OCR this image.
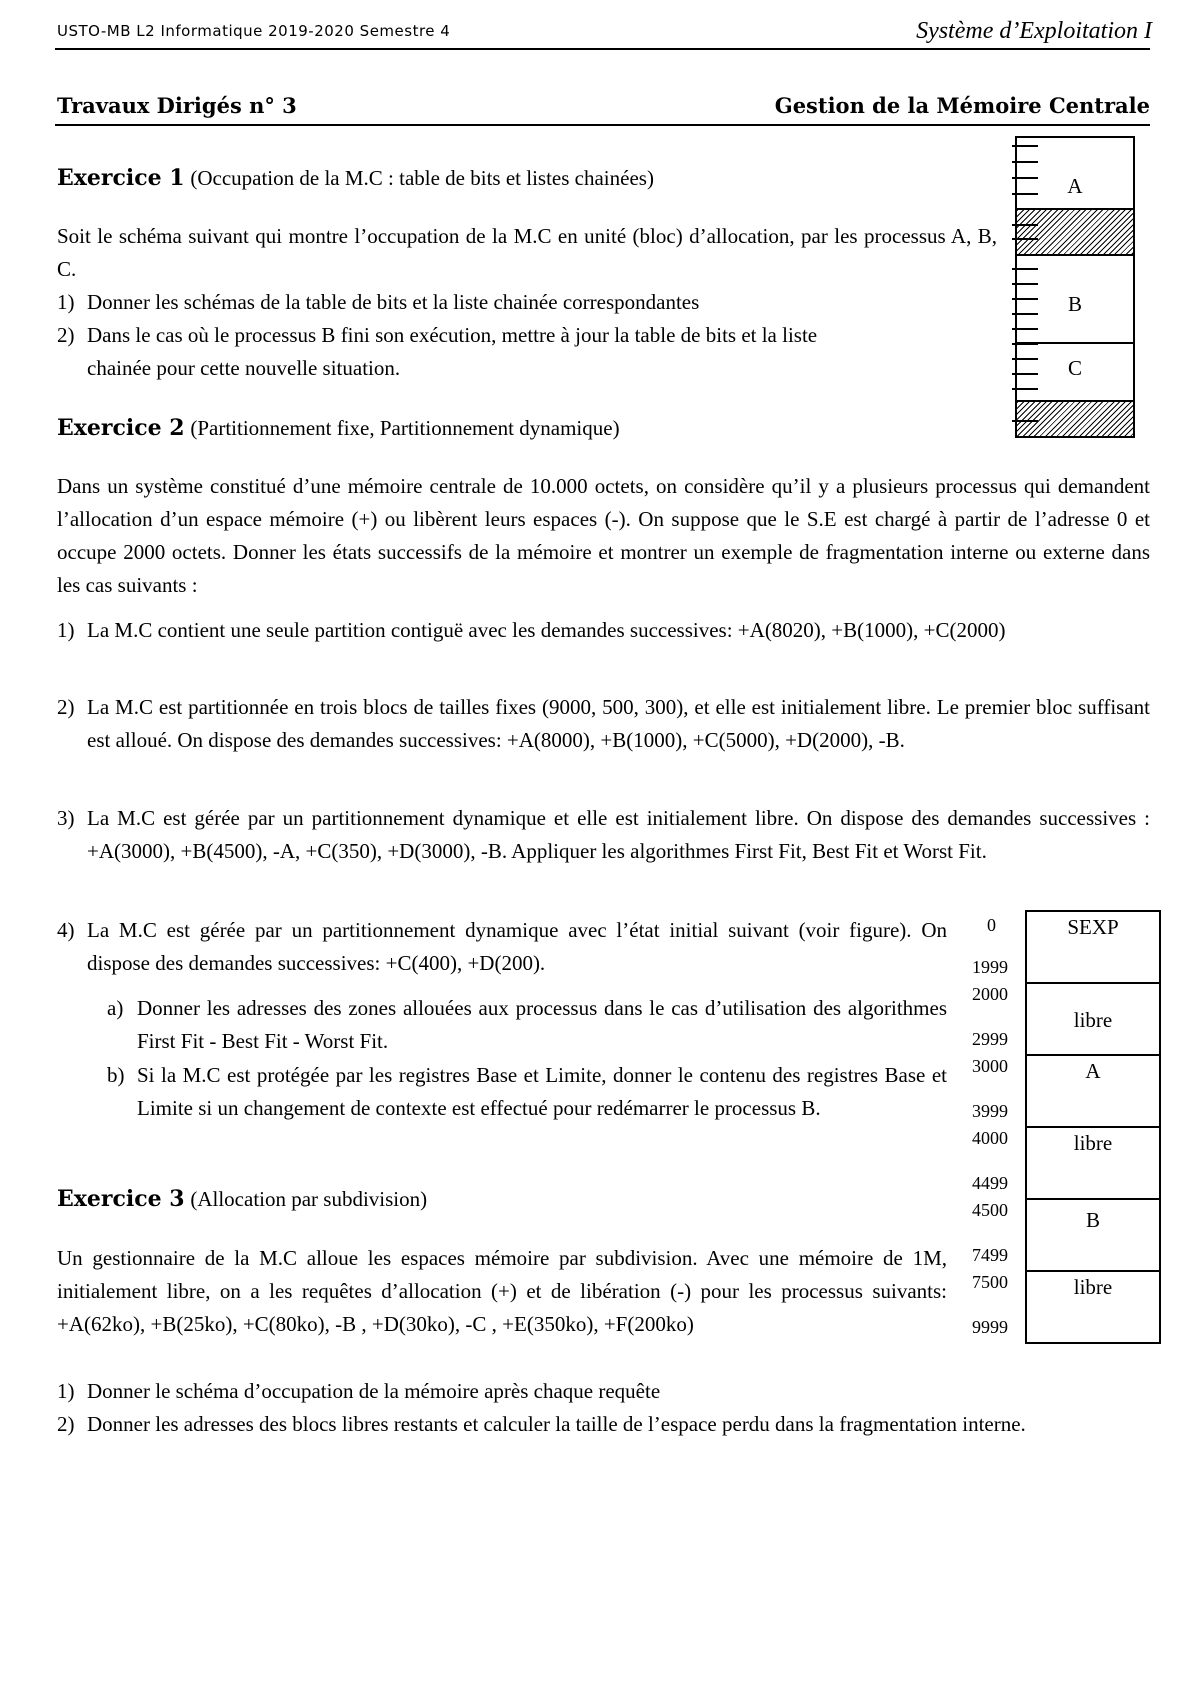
USTO-MB L2 Informatique 2019-2020 Semestre 4	Système d’Exploitation I
Travaux Dirigés n° 3	Gestion de la Mémoire Centrale
Exercice 1 (Occupation de la M.C : table de bits et listes chainées)
Soit le schéma suivant qui montre l’occupation de la M.C en unité (bloc) d’allocation, par les processus A, B, C.
1) Donner les schémas de la table de bits et la liste chainée correspondantes
2) Dans le cas où le processus B fini son exécution, mettre à jour la table de bits et la liste chainée pour cette nouvelle situation.
A
B
C
Exercice 2 (Partitionnement fixe, Partitionnement dynamique)
Dans un système constitué d’une mémoire centrale de 10.000 octets, on considère qu’il y a plusieurs processus qui demandent l’allocation d’un espace mémoire (+) ou libèrent leurs espaces (-). On suppose que le S.E est chargé à partir de l’adresse 0 et occupe 2000 octets. Donner les états successifs de la mémoire et montrer un exemple de fragmentation interne ou externe dans les cas suivants :
1) La M.C contient une seule partition contiguë avec les demandes successives: +A(8020), +B(1000), +C(2000)
2) La M.C est partitionnée en trois blocs de tailles fixes (9000, 500, 300), et elle est initialement libre. Le premier bloc suffisant est alloué. On dispose des demandes successives: +A(8000), +B(1000), +C(5000), +D(2000), -B.
3) La M.C est gérée par un partitionnement dynamique et elle est initialement libre. On dispose des demandes successives : +A(3000), +B(4500), -A, +C(350), +D(3000), -B. Appliquer les algorithmes First Fit, Best Fit et Worst Fit.
4) La M.C est gérée par un partitionnement dynamique avec l’état initial suivant (voir figure). On dispose des demandes successives: +C(400), +D(200).
a) Donner les adresses des zones allouées aux processus dans le cas d’utilisation des algorithmes First Fit - Best Fit - Worst Fit.
b) Si la M.C est protégée par les registres Base et Limite, donner le contenu des registres Base et Limite si un changement de contexte est effectué pour redémarrer le processus B.
SEXP
libre
A
libre
B
libre
0
1999
2000
2999
3000
3999
4000
4499
4500
7499
7500
9999
Exercice 3 (Allocation par subdivision)
Un gestionnaire de la M.C alloue les espaces mémoire par subdivision. Avec une mémoire de 1M, initialement libre, on a les requêtes d’allocation (+) et de libération (-) pour les processus suivants: +A(62ko), +B(25ko), +C(80ko), -B , +D(30ko), -C , +E(350ko), +F(200ko)
1) Donner le schéma d’occupation de la mémoire après chaque requête
2) Donner les adresses des blocs libres restants et calculer la taille de l’espace perdu dans la fragmentation interne.
